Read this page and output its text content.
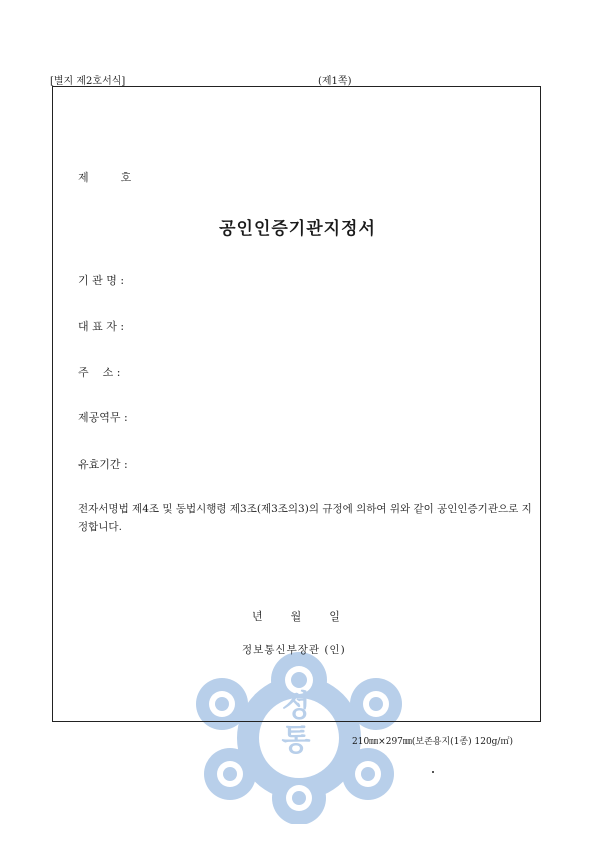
[별지 제2호서식]	(제1쪽)
정통
제	호
공인인증기관지정서
기 관 명 :
대 표 자 :
주    소 :
제공역무 :
유효기간 :
전자서명법 제4조 및 동법시행령 제3조(제3조의3)의 규정에 의하여 위와 같이 공인인증기관으로 지정합니다.
년	월	일
정보통신부장관 (인)
210㎜×297㎜(보존용지(1종) 120g/㎡)
